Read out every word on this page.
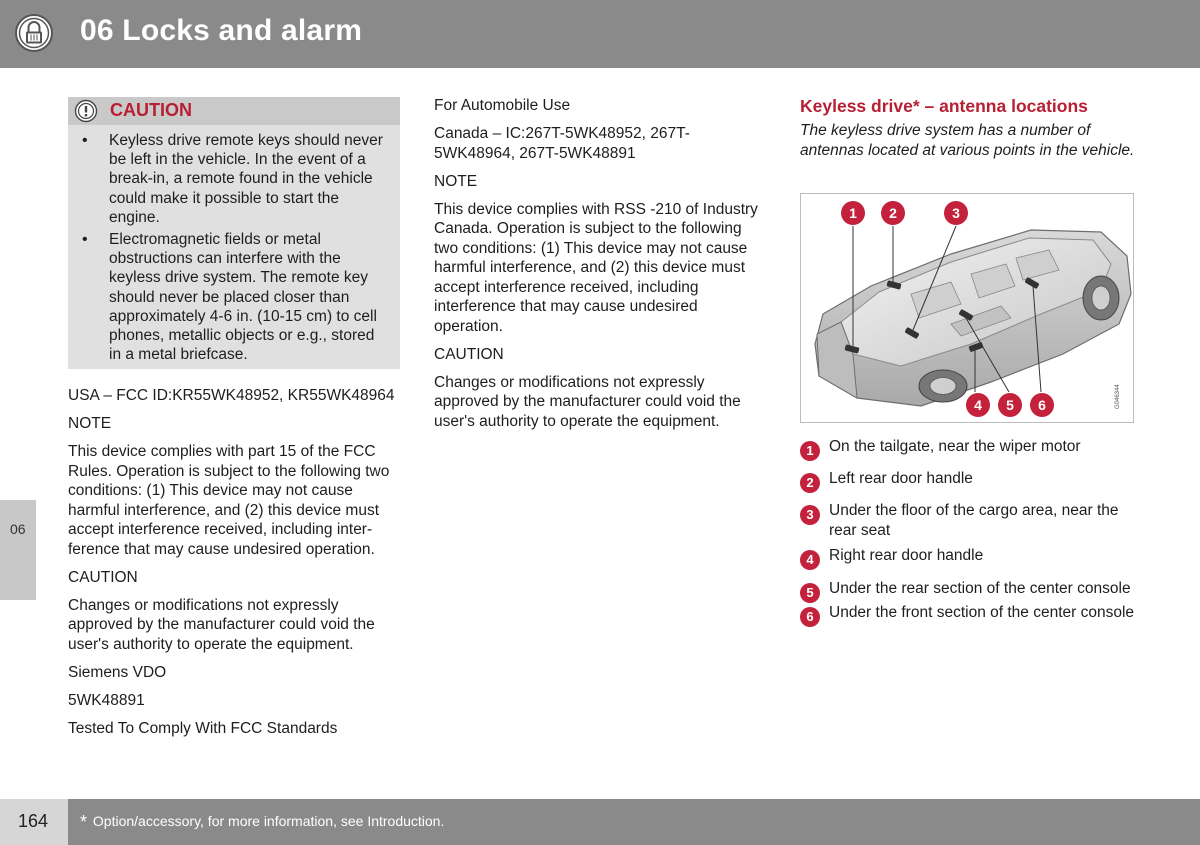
06 Locks and alarm
06
CAUTION
• Keyless drive remote keys should never be left in the vehicle. In the event of a break-in, a remote found in the vehicle could make it possible to start the engine.
• Electromagnetic fields or metal obstructions can interfere with the keyless drive system. The remote key should never be placed closer than approximately 4-6 in. (10-15 cm) to cell phones, metallic objects or e.g., stored in a metal briefcase.

USA – FCC ID:KR55WK48952, KR55WK48964

NOTE

This device complies with part 15 of the FCC Rules. Operation is subject to the following two conditions: (1) This device may not cause harmful interference, and (2) this device must accept interference received, including interference that may cause undesired operation.

CAUTION

Changes or modifications not expressly approved by the manufacturer could void the user's authority to operate the equipment.

Siemens VDO

5WK48891

Tested To Comply With FCC Standards

For Automobile Use

Canada – IC:267T-5WK48952, 267T-5WK48964, 267T-5WK48891

NOTE

This device complies with RSS -210 of Industry Canada. Operation is subject to the following two conditions: (1) This device may not cause harmful interference, and (2) this device must accept interference received, including interference that may cause undesired operation.

CAUTION

Changes or modifications not expressly approved by the manufacturer could void the user's authority to operate the equipment.

Keyless drive* – antenna locations
The keyless drive system has a number of antennas located at various points in the vehicle.
1 2	3
4 5 6	G046344
1 On the tailgate, near the wiper motor
2 Left rear door handle
3 Under the floor of the cargo area, near the rear seat
4 Right rear door handle
5 Under the rear section of the center console
6 Under the front section of the center console
164 * Option/accessory, for more information, see Introduction.
